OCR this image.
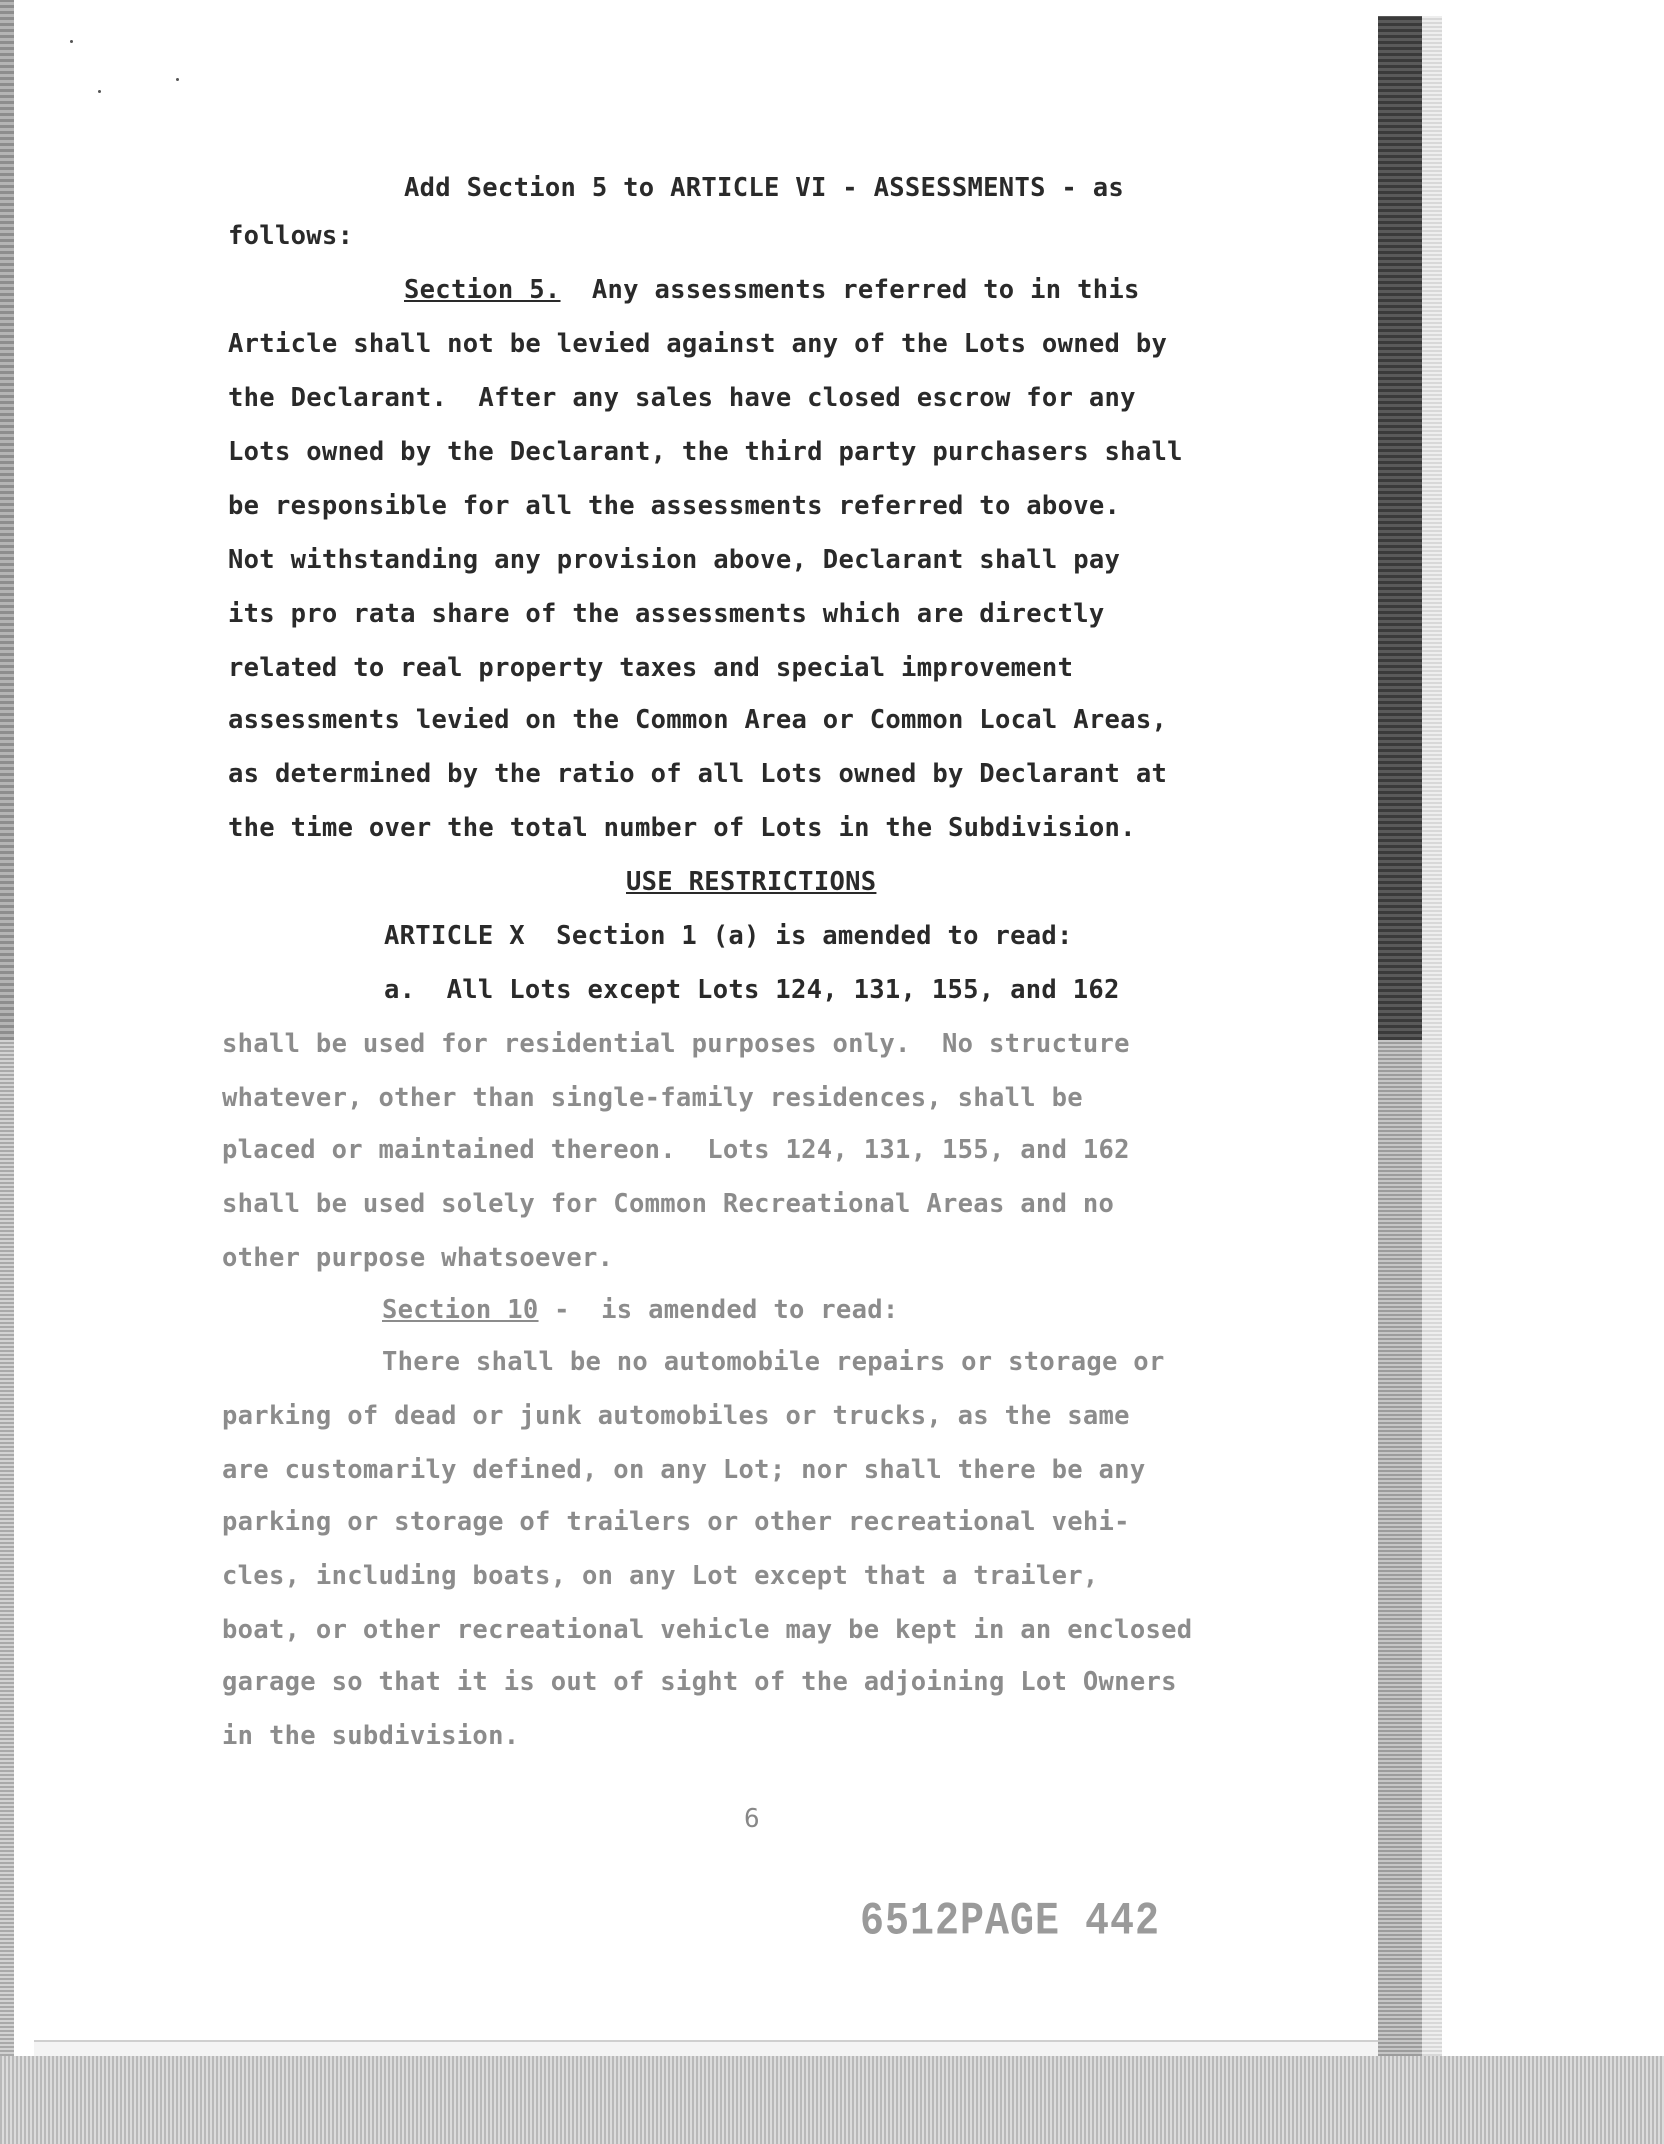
Add Section 5 to ARTICLE VI - ASSESSMENTS - as
follows:
Section 5. Any assessments referred to in this
Article shall not be levied against any of the Lots owned by
the Declarant.  After any sales have closed escrow for any
Lots owned by the Declarant, the third party purchasers shall
be responsible for all the assessments referred to above.
Not withstanding any provision above, Declarant shall pay
its pro rata share of the assessments which are directly
related to real property taxes and special improvement
assessments levied on the Common Area or Common Local Areas,
as determined by the ratio of all Lots owned by Declarant at
the time over the total number of Lots in the Subdivision.
USE RESTRICTIONS
ARTICLE X  Section 1 (a) is amended to read:
a.  All Lots except Lots 124, 131, 155, and 162
shall be used for residential purposes only.  No structure
whatever, other than single-family residences, shall be
placed or maintained thereon.  Lots 124, 131, 155, and 162
shall be used solely for Common Recreational Areas and no
other purpose whatsoever.
Section 10 -  is amended to read:
There shall be no automobile repairs or storage or
parking of dead or junk automobiles or trucks, as the same
are customarily defined, on any Lot; nor shall there be any
parking or storage of trailers or other recreational vehi-
cles, including boats, on any Lot except that a trailer,
boat, or other recreational vehicle may be kept in an enclosed
garage so that it is out of sight of the adjoining Lot Owners
in the subdivision.
6
6512PAGE 442
